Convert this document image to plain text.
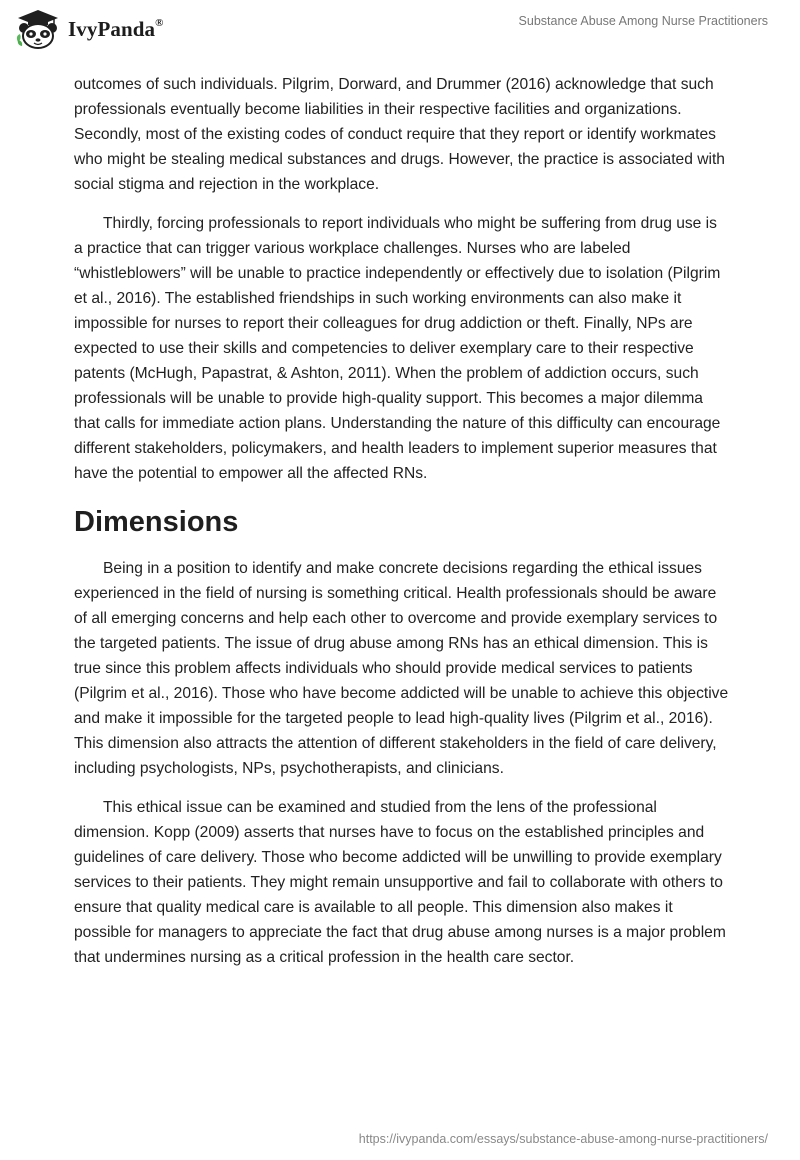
IvyPanda®	Substance Abuse Among Nurse Practitioners

outcomes of such individuals. Pilgrim, Dorward, and Drummer (2016) acknowledge that such professionals eventually become liabilities in their respective facilities and organizations. Secondly, most of the existing codes of conduct require that they report or identify workmates who might be stealing medical substances and drugs. However, the practice is associated with social stigma and rejection in the workplace.

Thirdly, forcing professionals to report individuals who might be suffering from drug use is a practice that can trigger various workplace challenges. Nurses who are labeled “whistleblowers” will be unable to practice independently or effectively due to isolation (Pilgrim et al., 2016). The established friendships in such working environments can also make it impossible for nurses to report their colleagues for drug addiction or theft. Finally, NPs are expected to use their skills and competencies to deliver exemplary care to their respective patents (McHugh, Papastrat, & Ashton, 2011). When the problem of addiction occurs, such professionals will be unable to provide high-quality support. This becomes a major dilemma that calls for immediate action plans. Understanding the nature of this difficulty can encourage different stakeholders, policymakers, and health leaders to implement superior measures that have the potential to empower all the affected RNs.

Dimensions

Being in a position to identify and make concrete decisions regarding the ethical issues experienced in the field of nursing is something critical. Health professionals should be aware of all emerging concerns and help each other to overcome and provide exemplary services to the targeted patients. The issue of drug abuse among RNs has an ethical dimension. This is true since this problem affects individuals who should provide medical services to patients (Pilgrim et al., 2016). Those who have become addicted will be unable to achieve this objective and make it impossible for the targeted people to lead high-quality lives (Pilgrim et al., 2016). This dimension also attracts the attention of different stakeholders in the field of care delivery, including psychologists, NPs, psychotherapists, and clinicians.

This ethical issue can be examined and studied from the lens of the professional dimension. Kopp (2009) asserts that nurses have to focus on the established principles and guidelines of care delivery. Those who become addicted will be unwilling to provide exemplary services to their patients. They might remain unsupportive and fail to collaborate with others to ensure that quality medical care is available to all people. This dimension also makes it possible for managers to appreciate the fact that drug abuse among nurses is a major problem that undermines nursing as a critical profession in the health care sector.

https://ivypanda.com/essays/substance-abuse-among-nurse-practitioners/
